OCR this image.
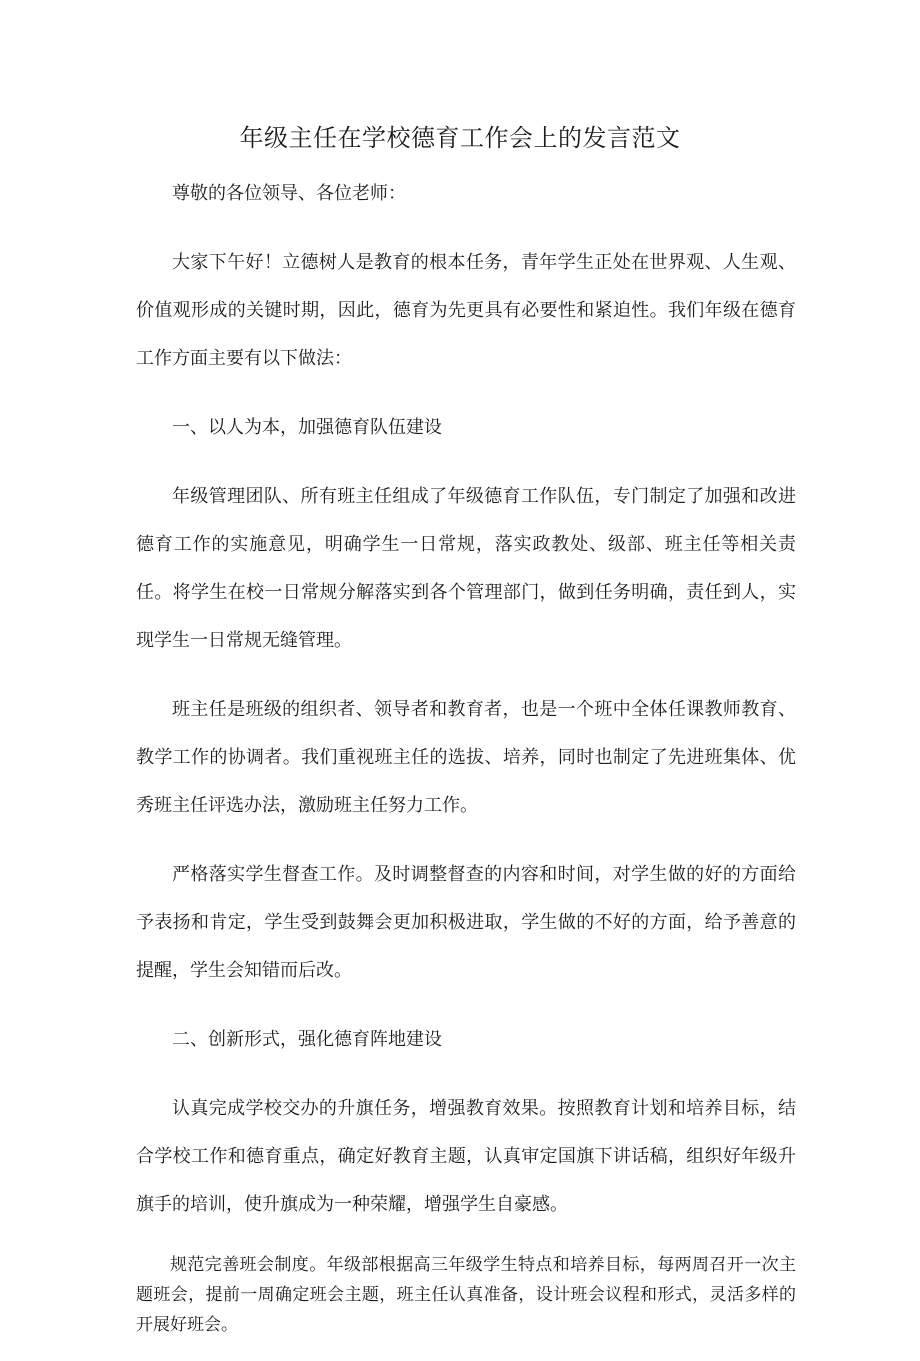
年级主任在学校德育工作会上的发言范文

尊敬的各位领导、各位老师：

大家下午好！立德树人是教育的根本任务，青年学生正处在世界观、人生观、价值观形成的关键时期，因此，德育为先更具有必要性和紧迫性。我们年级在德育工作方面主要有以下做法：

一、以人为本，加强德育队伍建设

年级管理团队、所有班主任组成了年级德育工作队伍，专门制定了加强和改进德育工作的实施意见，明确学生一日常规，落实政教处、级部、班主任等相关责任。将学生在校一日常规分解落实到各个管理部门，做到任务明确，责任到人，实现学生一日常规无缝管理。

班主任是班级的组织者、领导者和教育者，也是一个班中全体任课教师教育、教学工作的协调者。我们重视班主任的选拔、培养，同时也制定了先进班集体、优秀班主任评选办法，激励班主任努力工作。

严格落实学生督查工作。及时调整督查的内容和时间，对学生做的好的方面给予表扬和肯定，学生受到鼓舞会更加积极进取，学生做的不好的方面，给予善意的提醒，学生会知错而后改。

二、创新形式，强化德育阵地建设

认真完成学校交办的升旗任务，增强教育效果。按照教育计划和培养目标，结合学校工作和德育重点，确定好教育主题，认真审定国旗下讲话稿，组织好年级升旗手的培训，使升旗成为一种荣耀，增强学生自豪感。

规范完善班会制度。年级部根据高三年级学生特点和培养目标，每两周召开一次主题班会，提前一周确定班会主题，班主任认真准备，设计班会议程和形式，灵活多样的开展好班会。
